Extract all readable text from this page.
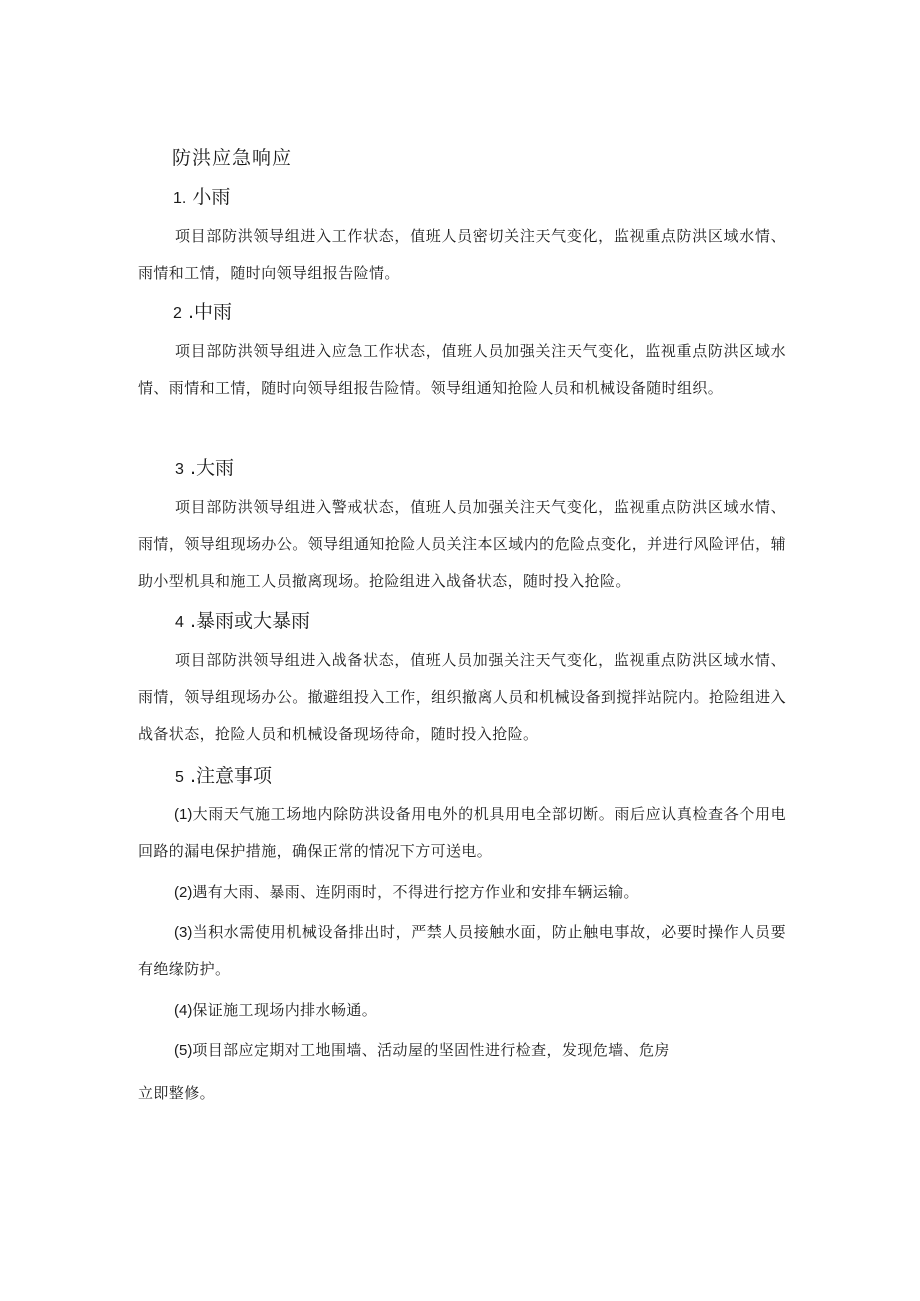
防洪应急响应
1. 小雨

项目部防洪领导组进入工作状态，值班人员密切关注天气变化，监视重点防洪区域水情、雨情和工情，随时向领导组报告险情。

2 .中雨

项目部防洪领导组进入应急工作状态，值班人员加强关注天气变化，监视重点防洪区域水情、雨情和工情，随时向领导组报告险情。领导组通知抢险人员和机械设备随时组织。

3 .大雨

项目部防洪领导组进入警戒状态，值班人员加强关注天气变化，监视重点防洪区域水情、雨情，领导组现场办公。领导组通知抢险人员关注本区域内的危险点变化，并进行风险评估，辅助小型机具和施工人员撤离现场。抢险组进入战备状态，随时投入抢险。

4 .暴雨或大暴雨

项目部防洪领导组进入战备状态，值班人员加强关注天气变化，监视重点防洪区域水情、雨情，领导组现场办公。撤避组投入工作，组织撤离人员和机械设备到搅拌站院内。抢险组进入战备状态，抢险人员和机械设备现场待命，随时投入抢险。

5 .注意事项

(1)大雨天气施工场地内除防洪设备用电外的机具用电全部切断。雨后应认真检查各个用电回路的漏电保护措施，确保正常的情况下方可送电。

(2)遇有大雨、暴雨、连阴雨时，不得进行挖方作业和安排车辆运输。

(3)当积水需使用机械设备排出时，严禁人员接触水面，防止触电事故，必要时操作人员要有绝缘防护。

(4)保证施工现场内排水畅通。

(5)项目部应定期对工地围墙、活动屋的坚固性进行检查，发现危墙、危房

立即整修。
